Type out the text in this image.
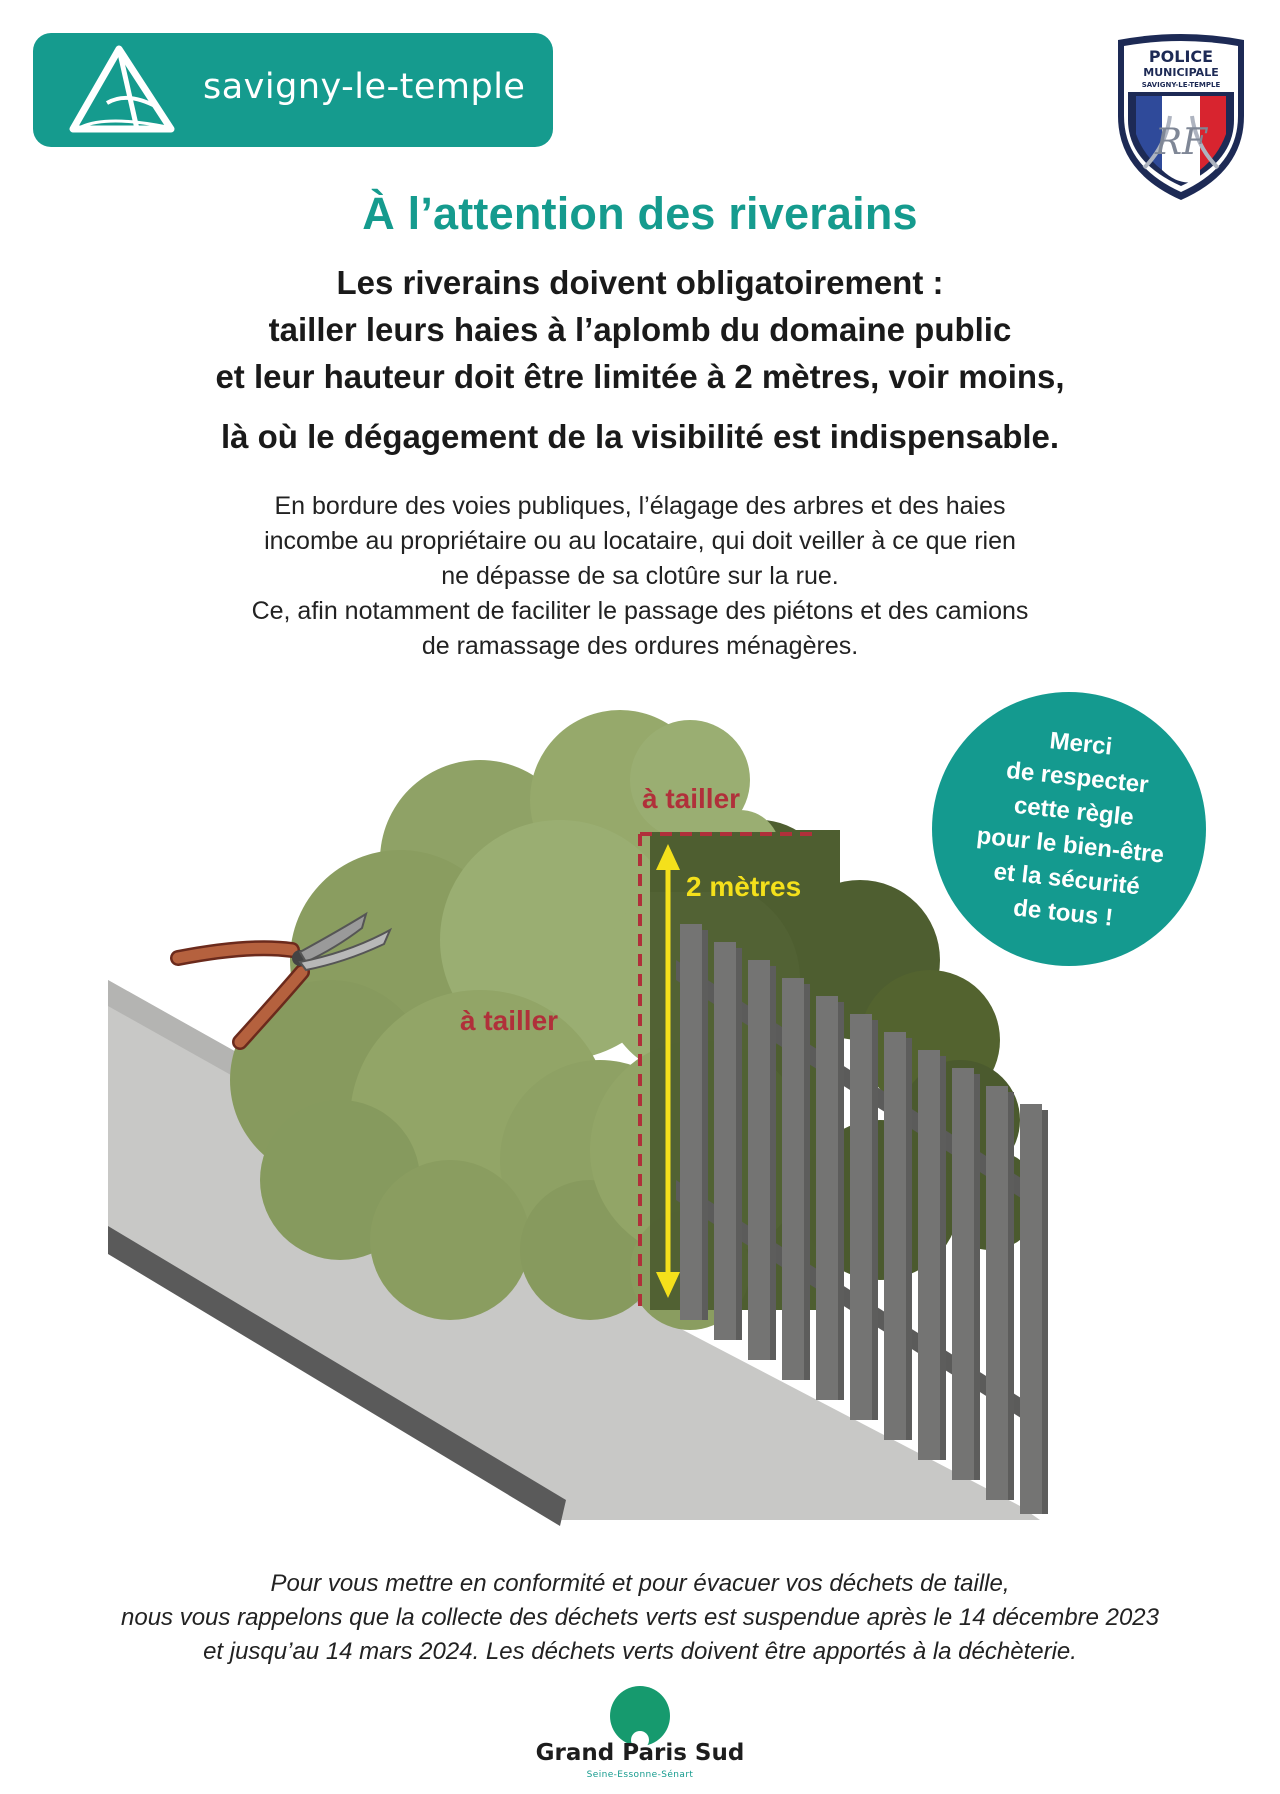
savigny-le-temple
POLICE
MUNICIPALE
SAVIGNY-LE-TEMPLE
RF
À l’attention des riverains
Les riverains doivent obligatoirement :
tailler leurs haies à l’aplomb du domaine public
et leur hauteur doit être limitée à 2 mètres, voir moins,
là où le dégagement de la visibilité est indispensable.
En bordure des voies publiques, l’élagage des arbres et des haies
incombe au propriétaire ou au locataire, qui doit veiller à ce que rien
ne dépasse de sa clotûre sur la rue.
Ce, afin notamment de faciliter le passage des piétons et des camions
de ramassage des ordures ménagères.
2 mètres
à tailler
à tailler
Merci
de respecter
cette règle
pour le bien-être
et la sécurité
de tous !
Pour vous mettre en conformité et pour évacuer vos déchets de taille,
nous vous rappelons que la collecte des déchets verts est suspendue après le 14 décembre 2023
et jusqu’au 14 mars 2024. Les déchets verts doivent être apportés à la déchèterie.
Grand Paris Sud
Seine-Essonne-Sénart
